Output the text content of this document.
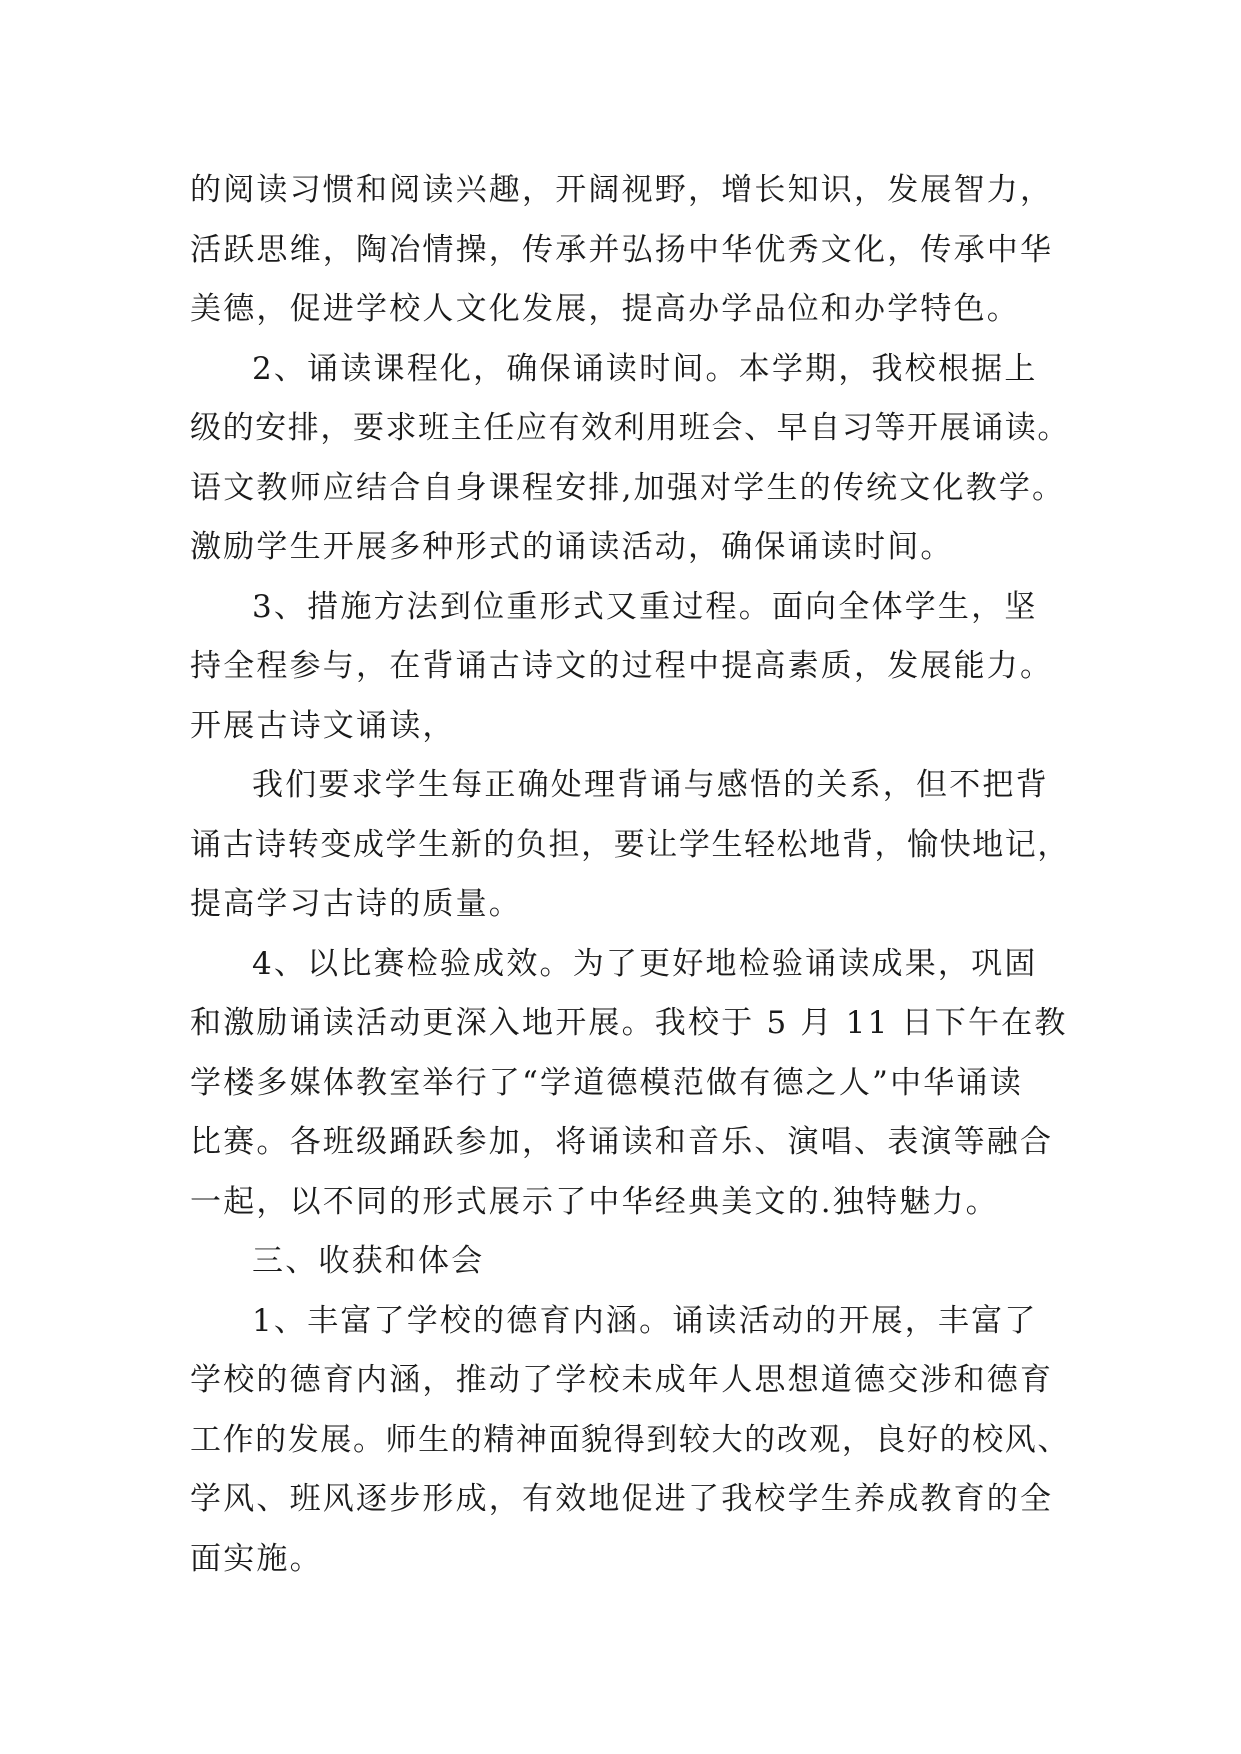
的阅读习惯和阅读兴趣，开阔视野，增长知识，发展智力，
活跃思维，陶冶情操，传承并弘扬中华优秀文化，传承中华
美德，促进学校人文化发展，提高办学品位和办学特色。
2、诵读课程化，确保诵读时间。本学期，我校根据上
级的安排，要求班主任应有效利用班会、早自习等开展诵读。
语文教师应结合自身课程安排,加强对学生的传统文化教学。
激励学生开展多种形式的诵读活动，确保诵读时间。
3、措施方法到位重形式又重过程。面向全体学生，坚
持全程参与，在背诵古诗文的过程中提高素质，发展能力。
开展古诗文诵读，
我们要求学生每正确处理背诵与感悟的关系，但不把背
诵古诗转变成学生新的负担，要让学生轻松地背，愉快地记，
提高学习古诗的质量。
4、以比赛检验成效。为了更好地检验诵读成果，巩固
和激励诵读活动更深入地开展。我校于 5 月 11 日下午在教
学楼多媒体教室举行了“学道德模范做有德之人”中华诵读
比赛。各班级踊跃参加，将诵读和音乐、演唱、表演等融合
一起，以不同的形式展示了中华经典美文的.独特魅力。
三、收获和体会
1、丰富了学校的德育内涵。诵读活动的开展，丰富了
学校的德育内涵，推动了学校未成年人思想道德交涉和德育
工作的发展。师生的精神面貌得到较大的改观，良好的校风、
学风、班风逐步形成，有效地促进了我校学生养成教育的全
面实施。
